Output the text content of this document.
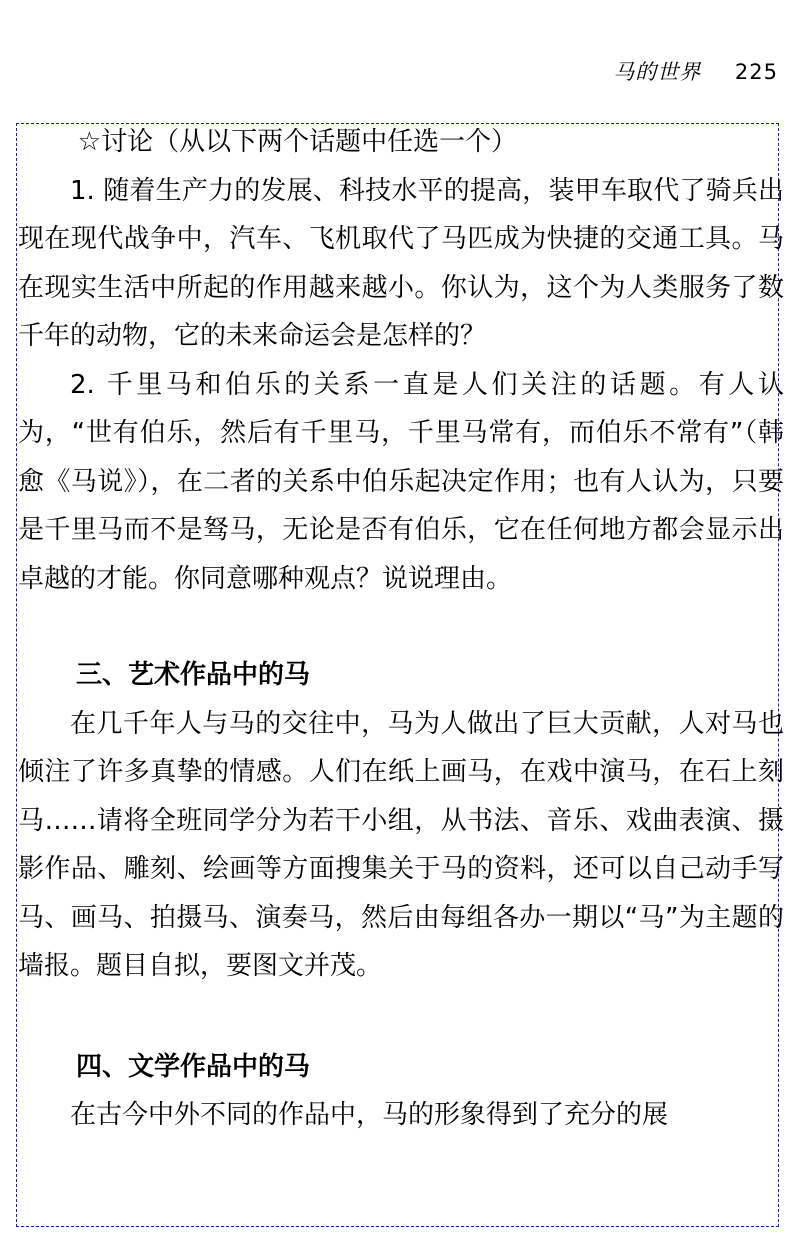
马的世界 225

☆讨论（从以下两个话题中任选一个）

1. 随着生产力的发展、科技水平的提高，装甲车取代了骑兵出现在现代战争中，汽车、飞机取代了马匹成为快捷的交通工具。马在现实生活中所起的作用越来越小。你认为，这个为人类服务了数千年的动物，它的未来命运会是怎样的？

2. 千里马和伯乐的关系一直是人们关注的话题。有人认为，“世有伯乐，然后有千里马，千里马常有，而伯乐不常有”（韩愈《马说》），在二者的关系中伯乐起决定作用；也有人认为，只要是千里马而不是驽马，无论是否有伯乐，它在任何地方都会显示出卓越的才能。你同意哪种观点？说说理由。

三、艺术作品中的马

在几千年人与马的交往中，马为人做出了巨大贡献，人对马也倾注了许多真挚的情感。人们在纸上画马，在戏中演马，在石上刻马……请将全班同学分为若干小组，从书法、音乐、戏曲表演、摄影作品、雕刻、绘画等方面搜集关于马的资料，还可以自己动手写马、画马、拍摄马、演奏马，然后由每组各办一期以“马”为主题的墙报。题目自拟，要图文并茂。

四、文学作品中的马

在古今中外不同的作品中，马的形象得到了充分的展
